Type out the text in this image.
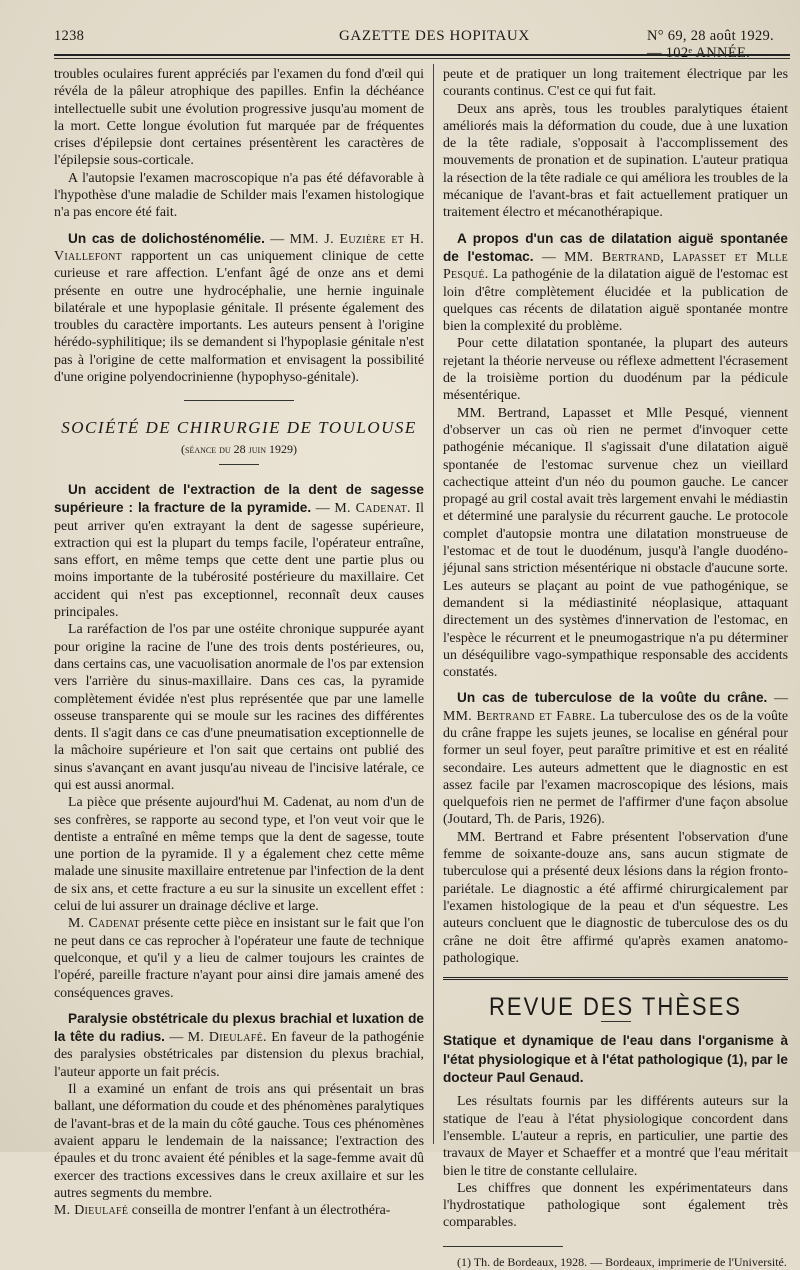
1238	GAZETTE DES HOPITAUX	N° 69, 28 août 1929. — 102ᵉ ANNÉE.

troubles oculaires furent appréciés par l'examen du fond d'œil qui révéla de la pâleur atrophique des papilles. Enfin la déchéance intellectuelle subit une évolution progressive jusqu'au moment de la mort. Cette longue évolution fut marquée par de fréquentes crises d'épilepsie dont certaines présentèrent les caractères de l'épilepsie sous-corticale.

A l'autopsie l'examen macroscopique n'a pas été défavorable à l'hypothèse d'une maladie de Schilder mais l'examen histologique n'a pas encore été fait.

Un cas de dolichosténomélie. — MM. J. Euzière et H. Viallefont rapportent un cas uniquement clinique de cette curieuse et rare affection. L'enfant âgé de onze ans et demi présente en outre une hydrocéphalie, une hernie inguinale bilatérale et une hypoplasie génitale. Il présente également des troubles du caractère importants. Les auteurs pensent à l'origine hérédo-syphilitique; ils se demandent si l'hypoplasie génitale n'est pas à l'origine de cette malformation et envisagent la possibilité d'une origine polyendocrinienne (hypophyso-génitale).

SOCIÉTÉ DE CHIRURGIE DE TOULOUSE
(séance du 28 juin 1929)

Un accident de l'extraction de la dent de sagesse supérieure : la fracture de la pyramide. — M. Cadenat. Il peut arriver qu'en extrayant la dent de sagesse supérieure, extraction qui est la plupart du temps facile, l'opérateur entraîne, sans effort, en même temps que cette dent une partie plus ou moins importante de la tubérosité postérieure du maxillaire. Cet accident qui n'est pas exceptionnel, reconnaît deux causes principales.

La raréfaction de l'os par une ostéite chronique suppurée ayant pour origine la racine de l'une des trois dents postérieures, ou, dans certains cas, une vacuolisation anormale de l'os par extension vers l'arrière du sinus-maxillaire. Dans ces cas, la pyramide complètement évidée n'est plus représentée que par une lamelle osseuse transparente qui se moule sur les racines des différentes dents. Il s'agit dans ce cas d'une pneumatisation exceptionnelle de la mâchoire supérieure et l'on sait que certains ont publié des sinus s'avançant en avant jusqu'au niveau de l'incisive latérale, ce qui est aussi anormal.

La pièce que présente aujourd'hui M. Cadenat, au nom d'un de ses confrères, se rapporte au second type, et l'on veut voir que le dentiste a entraîné en même temps que la dent de sagesse, toute une portion de la pyramide. Il y a également chez cette même malade une sinusite maxillaire entretenue par l'infection de la dent de six ans, et cette fracture a eu sur la sinusite un excellent effet : celui de lui assurer un drainage déclive et large.

M. Cadenat présente cette pièce en insistant sur le fait que l'on ne peut dans ce cas reprocher à l'opérateur une faute de technique quelconque, et qu'il y a lieu de calmer toujours les craintes de l'opéré, pareille fracture n'ayant pour ainsi dire jamais amené des conséquences graves.

Paralysie obstétricale du plexus brachial et luxation de la tête du radius. — M. Dieulafé. En faveur de la pathogénie des paralysies obstétricales par distension du plexus brachial, l'auteur apporte un fait précis.

Il a examiné un enfant de trois ans qui présentait un bras ballant, une déformation du coude et des phénomènes paralytiques de l'avant-bras et de la main du côté gauche. Tous ces phénomènes avaient apparu le lendemain de la naissance; l'extraction des épaules et du tronc avaient été pénibles et la sage-femme avait dû exercer des tractions excessives dans le creux axillaire et sur les autres segments du membre.

M. Dieulafé conseilla de montrer l'enfant à un électrothéra-

peute et de pratiquer un long traitement électrique par les courants continus. C'est ce qui fut fait.

Deux ans après, tous les troubles paralytiques étaient améliorés mais la déformation du coude, due à une luxation de la tête radiale, s'opposait à l'accomplissement des mouvements de pronation et de supination. L'auteur pratiqua la résection de la tête radiale ce qui améliora les troubles de la mécanique de l'avant-bras et fait actuellement pratiquer un traitement électro et mécanothérapique.

A propos d'un cas de dilatation aiguë spontanée de l'estomac. — MM. Bertrand, Lapasset et Mlle Pesqué. La pathogénie de la dilatation aiguë de l'estomac est loin d'être complètement élucidée et la publication de quelques cas récents de dilatation aiguë spontanée montre bien la complexité du problème.

Pour cette dilatation spontanée, la plupart des auteurs rejetant la théorie nerveuse ou réflexe admettent l'écrasement de la troisième portion du duodénum par la pédicule mésentérique.

MM. Bertrand, Lapasset et Mlle Pesqué, viennent d'observer un cas où rien ne permet d'invoquer cette pathogénie mécanique. Il s'agissait d'une dilatation aiguë spontanée de l'estomac survenue chez un vieillard cachectique atteint d'un néo du poumon gauche. Le cancer propagé au gril costal avait très largement envahi le médiastin et déterminé une paralysie du récurrent gauche. Le protocole complet d'autopsie montra une dilatation monstrueuse de l'estomac et de tout le duodénum, jusqu'à l'angle duodéno-jéjunal sans striction mésentérique ni obstacle d'aucune sorte. Les auteurs se plaçant au point de vue pathogénique, se demandent si la médiastinité néoplasique, attaquant directement un des systèmes d'innervation de l'estomac, en l'espèce le récurrent et le pneumogastrique n'a pu déterminer un déséquilibre vago-sympathique responsable des accidents constatés.

Un cas de tuberculose de la voûte du crâne. — MM. Bertrand et Fabre. La tuberculose des os de la voûte du crâne frappe les sujets jeunes, se localise en général pour former un seul foyer, peut paraître primitive et est en réalité secondaire. Les auteurs admettent que le diagnostic en est assez facile par l'examen macroscopique des lésions, mais quelquefois rien ne permet de l'affirmer d'une façon absolue (Joutard, Th. de Paris, 1926).

MM. Bertrand et Fabre présentent l'observation d'une femme de soixante-douze ans, sans aucun stigmate de tuberculose qui a présenté deux lésions dans la région fronto-pariétale. Le diagnostic a été affirmé chirurgicalement par l'examen histologique de la peau et d'un séquestre. Les auteurs concluent que le diagnostic de tuberculose des os du crâne ne doit être affirmé qu'après examen anatomo-pathologique.

REVUE DES THÈSES

Statique et dynamique de l'eau dans l'organisme à l'état physiologique et à l'état pathologique (1), par le docteur Paul Genaud.

Les résultats fournis par les différents auteurs sur la statique de l'eau à l'état physiologique concordent dans l'ensemble. L'auteur a repris, en particulier, une partie des travaux de Mayer et Schaeffer et a montré que l'eau méritait bien le titre de constante cellulaire.

Les chiffres que donnent les expérimentateurs dans l'hydrostatique pathologique sont également très comparables.

(1) Th. de Bordeaux, 1928. — Bordeaux, imprimerie de l'Université.
